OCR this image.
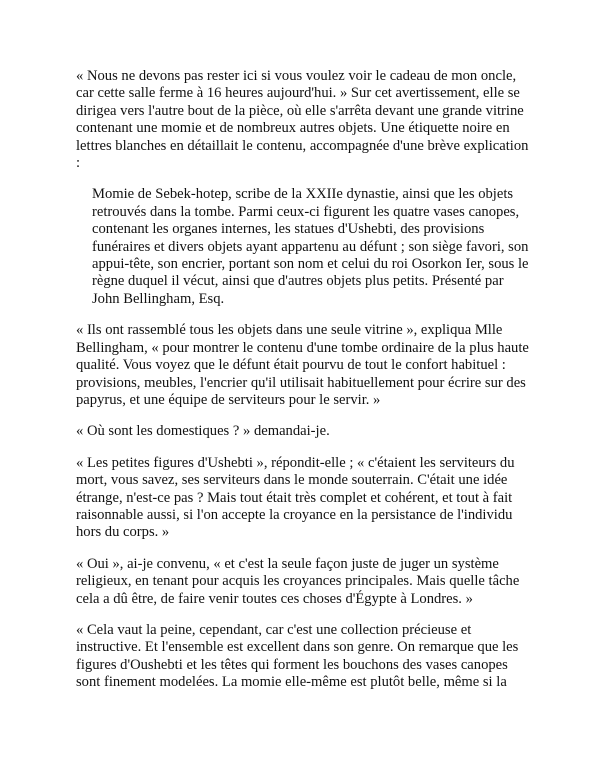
« Nous ne devons pas rester ici si vous voulez voir le cadeau de mon oncle, car cette salle ferme à 16 heures aujourd'hui. » Sur cet avertissement, elle se dirigea vers l'autre bout de la pièce, où elle s'arrêta devant une grande vitrine contenant une momie et de nombreux autres objets. Une étiquette noire en lettres blanches en détaillait le contenu, accompagnée d'une brève explication :

Momie de Sebek-hotep, scribe de la XXIIe dynastie, ainsi que les objets retrouvés dans la tombe. Parmi ceux-ci figurent les quatre vases canopes, contenant les organes internes, les statues d'Ushebti, des provisions funéraires et divers objets ayant appartenu au défunt ; son siège favori, son appui-tête, son encrier, portant son nom et celui du roi Osorkon Ier, sous le règne duquel il vécut, ainsi que d'autres objets plus petits. Présenté par John Bellingham, Esq.

« Ils ont rassemblé tous les objets dans une seule vitrine », expliqua Mlle Bellingham, « pour montrer le contenu d'une tombe ordinaire de la plus haute qualité. Vous voyez que le défunt était pourvu de tout le confort habituel : provisions, meubles, l'encrier qu'il utilisait habituellement pour écrire sur des papyrus, et une équipe de serviteurs pour le servir. »

« Où sont les domestiques ? » demandai-je.

« Les petites figures d'Ushebti », répondit-elle ; « c'étaient les serviteurs du mort, vous savez, ses serviteurs dans le monde souterrain. C'était une idée étrange, n'est-ce pas ? Mais tout était très complet et cohérent, et tout à fait raisonnable aussi, si l'on accepte la croyance en la persistance de l'individu hors du corps. »

« Oui », ai-je convenu, « et c'est la seule façon juste de juger un système religieux, en tenant pour acquis les croyances principales. Mais quelle tâche cela a dû être, de faire venir toutes ces choses d'Égypte à Londres. »

« Cela vaut la peine, cependant, car c'est une collection précieuse et instructive. Et l'ensemble est excellent dans son genre. On remarque que les figures d'Oushebti et les têtes qui forment les bouchons des vases canopes sont finement modelées. La momie elle-même est plutôt belle, même si la
